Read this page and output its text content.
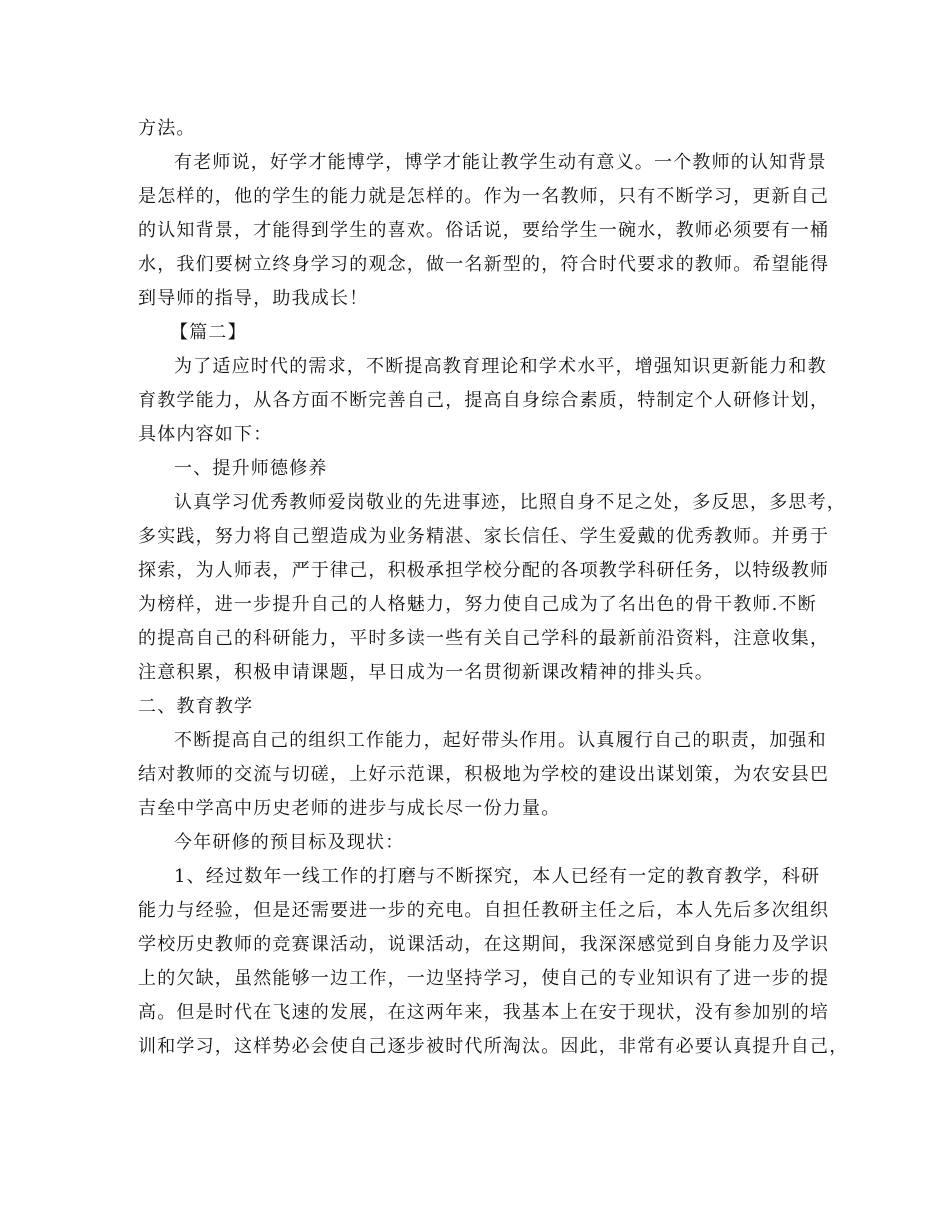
方法。
有老师说，好学才能博学，博学才能让教学生动有意义。一个教师的认知背景
是怎样的，他的学生的能力就是怎样的。作为一名教师，只有不断学习，更新自己
的认知背景，才能得到学生的喜欢。俗话说，要给学生一碗水，教师必须要有一桶
水，我们要树立终身学习的观念，做一名新型的，符合时代要求的教师。希望能得
到导师的指导，助我成长！
【篇二】
为了适应时代的需求，不断提高教育理论和学术水平，增强知识更新能力和教
育教学能力，从各方面不断完善自己，提高自身综合素质，特制定个人研修计划，
具体内容如下：
一、提升师德修养
认真学习优秀教师爱岗敬业的先进事迹，比照自身不足之处，多反思，多思考，
多实践，努力将自己塑造成为业务精湛、家长信任、学生爱戴的优秀教师。并勇于
探索，为人师表，严于律己，积极承担学校分配的各项教学科研任务，以特级教师
为榜样，进一步提升自己的人格魅力，努力使自己成为了名出色的骨干教师.不断
的提高自己的科研能力，平时多读一些有关自己学科的最新前沿资料，注意收集，
注意积累，积极申请课题，早日成为一名贯彻新课改精神的排头兵。
二、教育教学
不断提高自己的组织工作能力，起好带头作用。认真履行自己的职责，加强和
结对教师的交流与切磋，上好示范课，积极地为学校的建设出谋划策，为农安县巴
吉垒中学高中历史老师的进步与成长尽一份力量。
今年研修的预目标及现状：
1、经过数年一线工作的打磨与不断探究，本人已经有一定的教育教学，科研
能力与经验，但是还需要进一步的充电。自担任教研主任之后，本人先后多次组织
学校历史教师的竞赛课活动，说课活动，在这期间，我深深感觉到自身能力及学识
上的欠缺，虽然能够一边工作，一边坚持学习，使自己的专业知识有了进一步的提
高。但是时代在飞速的发展，在这两年来，我基本上在安于现状，没有参加别的培
训和学习，这样势必会使自己逐步被时代所淘汰。因此，非常有必要认真提升自己，
